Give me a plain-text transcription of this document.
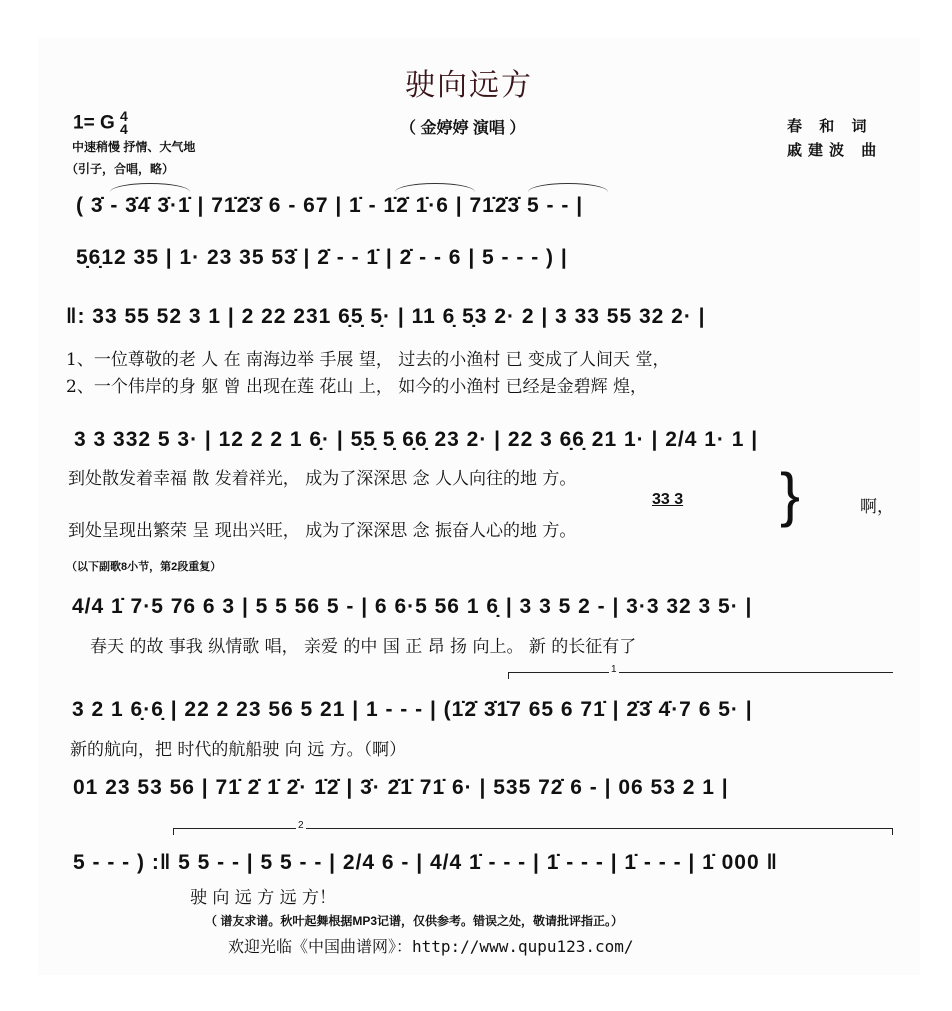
驶向远方
（ 金婷婷 演唱 ）
1= G 4
4
中速稍慢 抒情、大气地
（引子，合唱，略）
春 和 词
戚建波 曲
( 3̇ - 3̇4̇ 3̇·1̇ | 71̇2̇3̇ 6 - 67 | 1̇ - 1̇2̇ 1̇·6 | 71̇2̇3̇ 5 - - |
5̣6̣12 35 | 1· 23 35 53̇ | 2̇ - - 1̇ | 2̇ - - 6 | 5 - - - ) |
‖: 33 55 52 3 1 | 2 22 231 6̣5̣ 5̣· | 11 6̣ 5̣3 2· 2 | 3 33 55 32 2· |
1、一位尊敬的老 人 在 南海边举 手展 望， 过去的小渔村 已 变成了人间天 堂，
2、一个伟岸的身 躯 曾 出现在莲 花山 上， 如今的小渔村 已经是金碧辉 煌，
3 3 332 5 3· | 12 2 2 1 6̣· | 5̣5̣ 5̣ 6̣6̣ 23 2· | 22 3 6̣6̣ 21 1· | 2/4 1· 1 |
到处散发着幸福 散 发着祥光， 成为了深深思 念 人人向往的地 方。
33 3
到处呈现出繁荣 呈 现出兴旺， 成为了深深思 念 振奋人心的地 方。
}	啊，
（以下副歌8小节，第2段重复）
4/4 1̇ 7·5 76 6 3 | 5 5 56 5 - | 6 6·5 56 1 6̣ | 3 3 5 2 - | 3·3 32 3 5· |
春天 的故 事我 纵情歌 唱， 亲爱 的中 国 正 昂 扬 向上。 新 的长征有了
1
3 2 1 6̣·6̣ | 22 2 23 56 5 21 | 1 - - - | (1̇2̇ 3̇1̇7 65 6 71̇ | 2̇3̇ 4̇·7 6 5· |
新的航向，把 时代的航船驶 向 远 方。（啊）
01 23 53 56 | 71̇ 2̇ 1̇ 2̇· 1̇2̇ | 3̇· 2̇1̇ 71̇ 6· | 535 72̇ 6 - | 06 53 2 1 |
2
5 - - - ) :‖ 5 5 - - | 5 5 - - | 2/4 6 - | 4/4 1̇ - - - | 1̇ - - - | 1̇ - - - | 1̇ 000 ‖
驶 向 远 方 远 方！
（ 谱友求谱。秋叶起舞根据MP3记谱，仅供参考。错误之处，敬请批评指正。）
欢迎光临《中国曲谱网》：http://www.qupu123.com/
